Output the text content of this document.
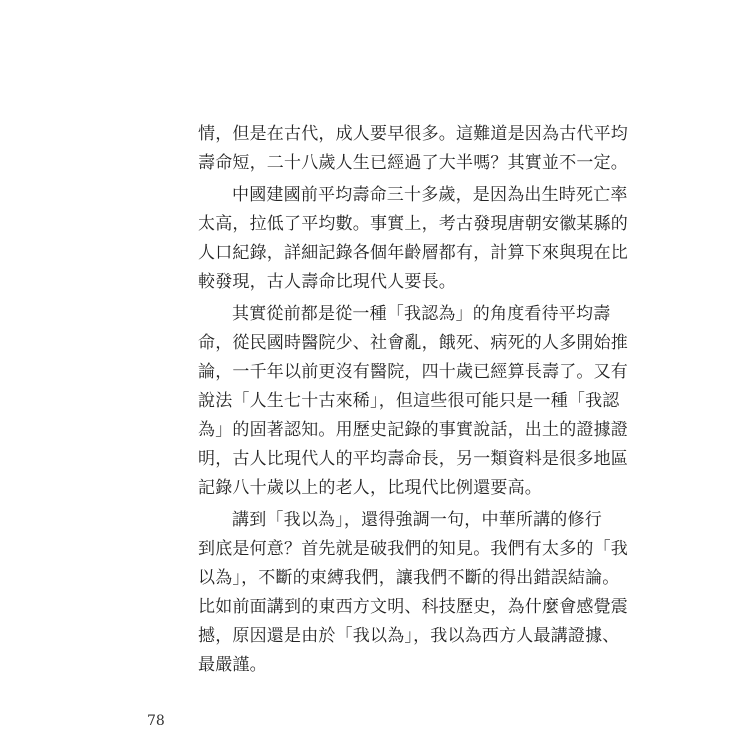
情，但是在古代，成人要早很多。這難道是因為古代平均
壽命短，二十八歲人生已經過了大半嗎？其實並不一定。
中國建國前平均壽命三十多歲，是因為出生時死亡率
太高，拉低了平均數。事實上，考古發現唐朝安徽某縣的
人口紀錄，詳細記錄各個年齡層都有，計算下來與現在比
較發現，古人壽命比現代人要長。
其實從前都是從一種「我認為」的角度看待平均壽
命，從民國時醫院少、社會亂，餓死、病死的人多開始推
論，一千年以前更沒有醫院，四十歲已經算長壽了。又有
說法「人生七十古來稀」，但這些很可能只是一種「我認
為」的固著認知。用歷史記錄的事實說話，出土的證據證
明，古人比現代人的平均壽命長，另一類資料是很多地區
記錄八十歲以上的老人，比現代比例還要高。
講到「我以為」，還得強調一句，中華所講的修行
到底是何意？首先就是破我們的知見。我們有太多的「我
以為」，不斷的束縛我們，讓我們不斷的得出錯誤結論。
比如前面講到的東西方文明、科技歷史，為什麼會感覺震
撼，原因還是由於「我以為」，我以為西方人最講證據、
最嚴謹。
78
